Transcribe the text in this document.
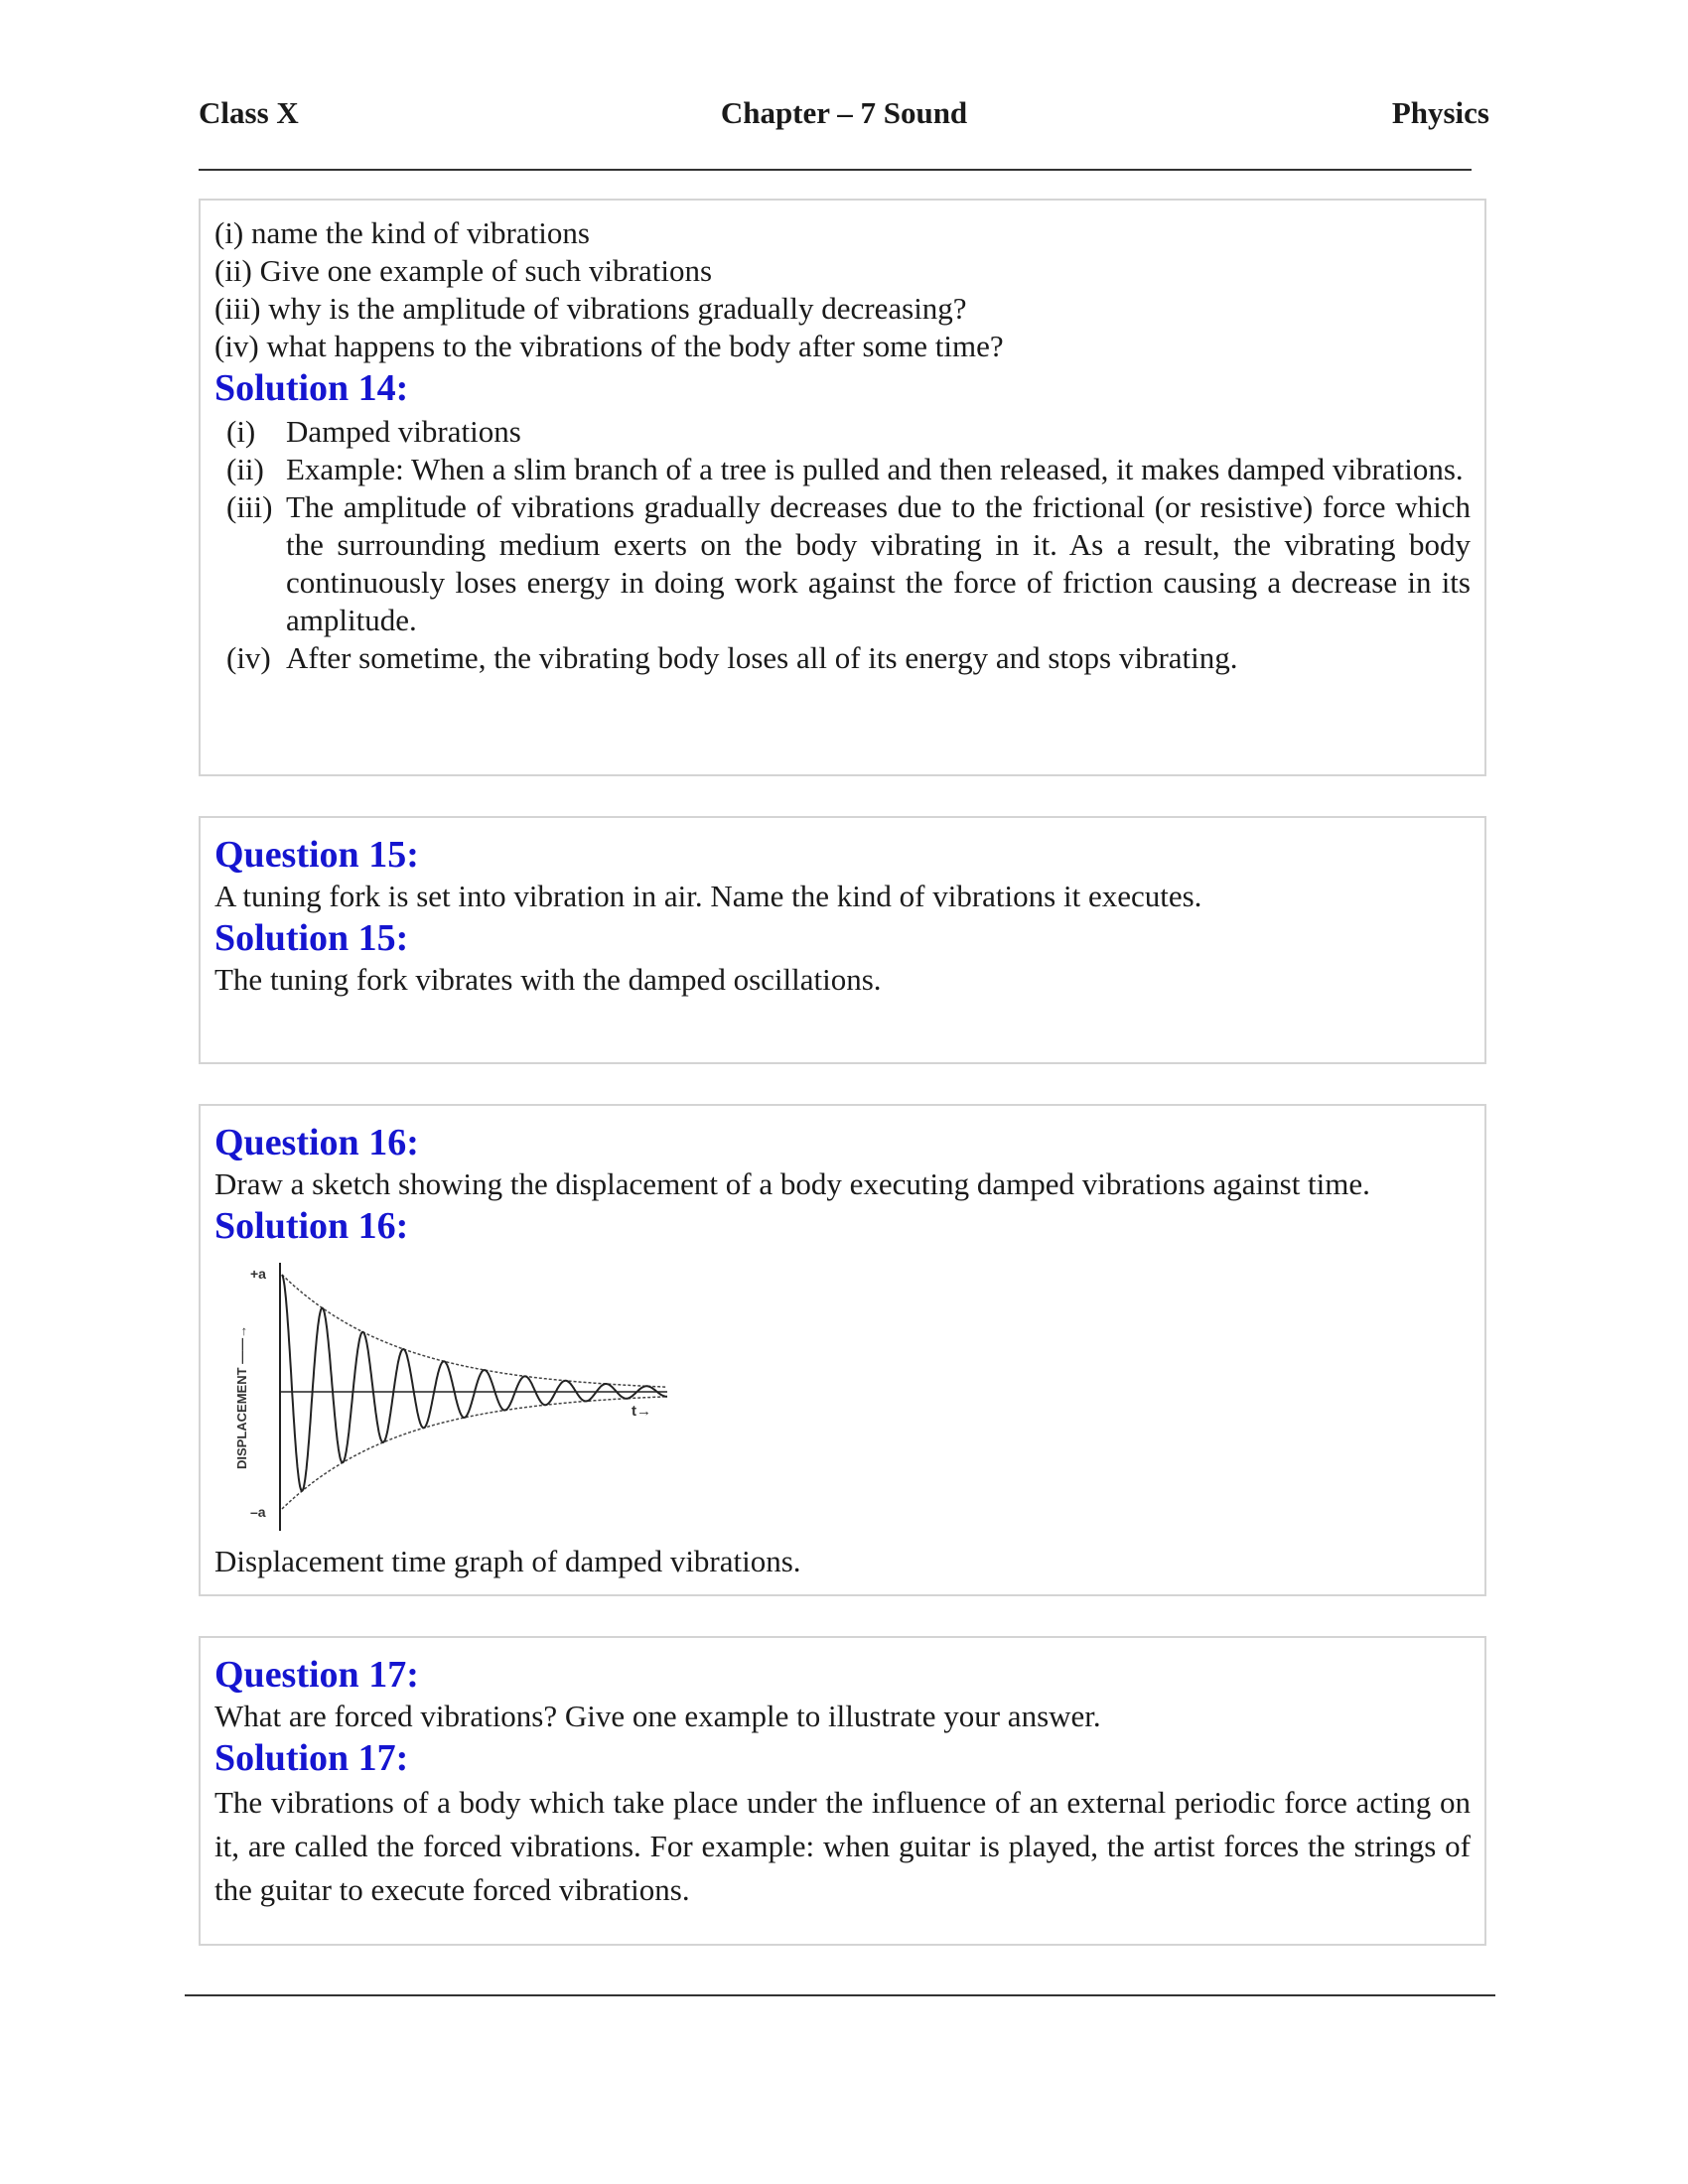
Chapter – 7 Sound
Class X	Physics

(i) name the kind of vibrations

(ii) Give one example of such vibrations

(iii) why is the amplitude of vibrations gradually decreasing?

(iv) what happens to the vibrations of the body after some time?

Solution 14:
(i) Damped vibrations
(ii) Example: When a slim branch of a tree is pulled and then released, it makes damped vibrations.
(iii) The amplitude of vibrations gradually decreases due to the frictional (or resistive) force which the surrounding medium exerts on the body vibrating in it. As a result, the vibrating body continuously loses energy in doing work against the force of friction causing a decrease in its amplitude.
(iv) After sometime, the vibrating body loses all of its energy and stops vibrating.
Question 15:

A tuning fork is set into vibration in air. Name the kind of vibrations it executes.

Solution 15:

The tuning fork vibrates with the damped oscillations.

Question 16:

Draw a sketch showing the displacement of a body executing damped vibrations against time.

Solution 16:
+a
–a
DISPLACEMENT ——→	t→

Displacement time graph of damped vibrations.

Question 17:

What are forced vibrations? Give one example to illustrate your answer.

Solution 17:

The vibrations of a body which take place under the influence of an external periodic force acting on it, are called the forced vibrations. For example: when guitar is played, the artist forces the strings of the guitar to execute forced vibrations.
